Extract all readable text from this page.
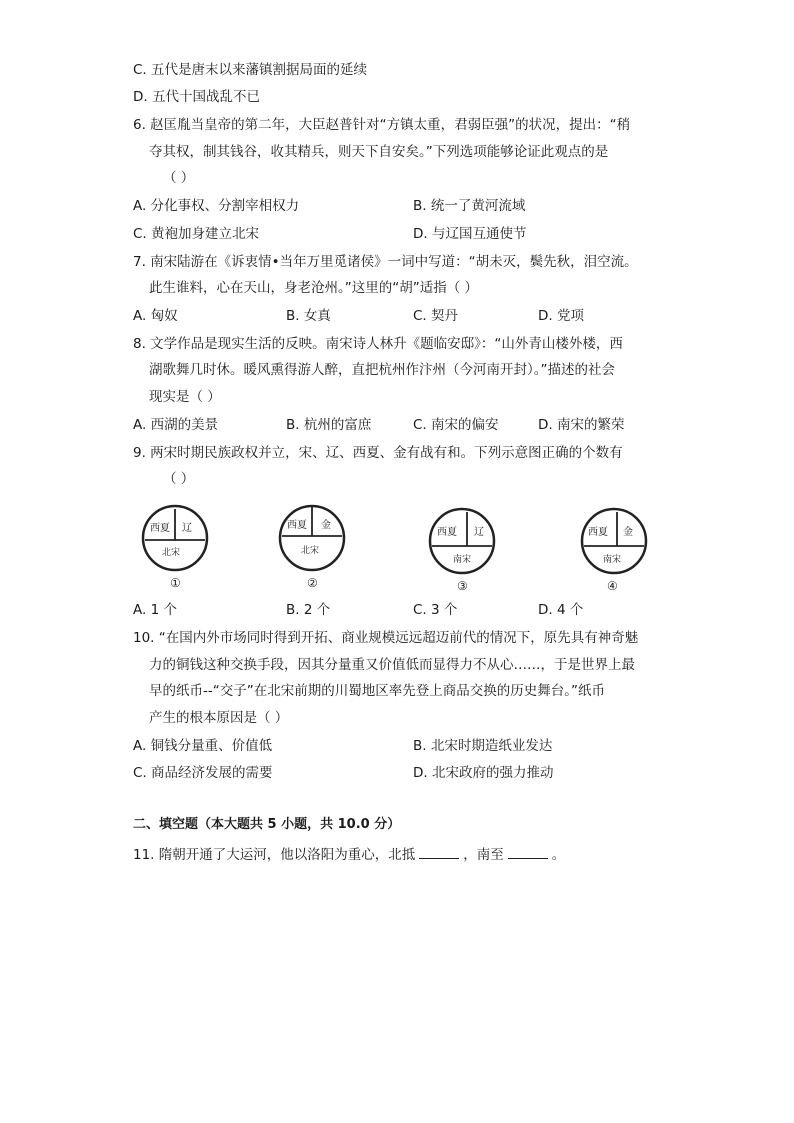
C. 五代是唐末以来藩镇割据局面的延续
D. 五代十国战乱不已
6. 赵匡胤当皇帝的第二年，大臣赵普针对“方镇太重，君弱臣强”的状况，提出：“稍
夺其权，制其钱谷，收其精兵，则天下自安矣。”下列选项能够论证此观点的是
（ ）
A. 分化事权、分割宰相权力	B. 统一了黄河流域
C. 黄袍加身建立北宋	D. 与辽国互通使节
7. 南宋陆游在《诉衷情•当年万里觅诸侯》一词中写道：“胡未灭，鬓先秋，泪空流。
此生谁料，心在天山，身老沧州。”这里的“胡”适指（ ）
A. 匈奴	B. 女真	C. 契丹	D. 党项
8. 文学作品是现实生活的反映。南宋诗人林升《题临安邸》：“山外青山楼外楼，西
湖歌舞几时休。暖风熏得游人醉，直把杭州作汴州（今河南开封）。”描述的社会
现实是（ ）
A. 西湖的美景	B. 杭州的富庶	C. 南宋的偏安	D. 南宋的繁荣
9. 两宋时期民族政权并立，宋、辽、西夏、金有战有和。下列示意图正确的个数有
（ ）
西夏 辽
北宋
①
西夏 金
北宋
②
西夏 辽
南宋
③
西夏 金
南宋
④
A. 1 个	B. 2 个	C. 3 个	D. 4 个
10. “在国内外市场同时得到开拓、商业规模远远超迈前代的情况下，原先具有神奇魅
力的铜钱这种交换手段，因其分量重又价值低而显得力不从心……，于是世界上最
早的纸币--“交子”在北宋前期的川蜀地区率先登上商品交换的历史舞台。”纸币
产生的根本原因是（ ）
A. 铜钱分量重、价值低	B. 北宋时期造纸业发达
C. 商品经济发展的需要	D. 北宋政府的强力推动
二、填空题（本大题共 5 小题，共 10.0 分）
11. 隋朝开通了大运河，他以洛阳为重心，北抵	，南至	。
